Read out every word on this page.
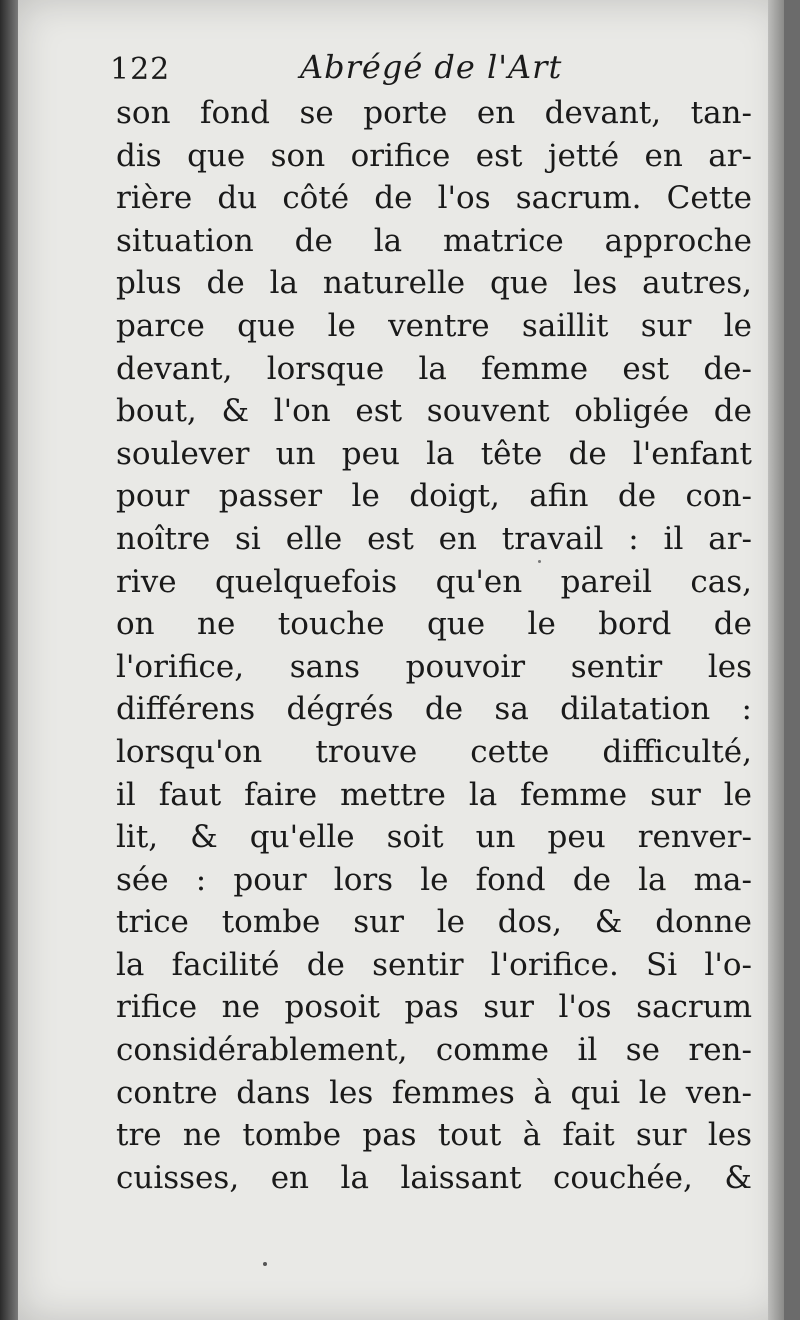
122	Abrégé de l'Art
son fond se porte en devant, tan-
dis que son orifice est jetté en ar-
rière du côté de l'os sacrum. Cette
situation de la matrice approche
plus de la naturelle que les autres,
parce que le ventre saillit sur le
devant, lorsque la femme est de-
bout, & l'on est souvent obligée de
soulever un peu la tête de l'enfant
pour passer le doigt, afin de con-
noître si elle est en travail : il ar-
rive quelquefois qu'en pareil cas,
on ne touche que le bord de
l'orifice, sans pouvoir sentir les
différens dégrés de sa dilatation :
lorsqu'on trouve cette difficulté,
il faut faire mettre la femme sur le
lit, & qu'elle soit un peu renver-
sée : pour lors le fond de la ma-
trice tombe sur le dos, & donne
la facilité de sentir l'orifice. Si l'o-
rifice ne posoit pas sur l'os sacrum
considérablement, comme il se ren-
contre dans les femmes à qui le ven-
tre ne tombe pas tout à fait sur les
cuisses, en la laissant couchée, &
